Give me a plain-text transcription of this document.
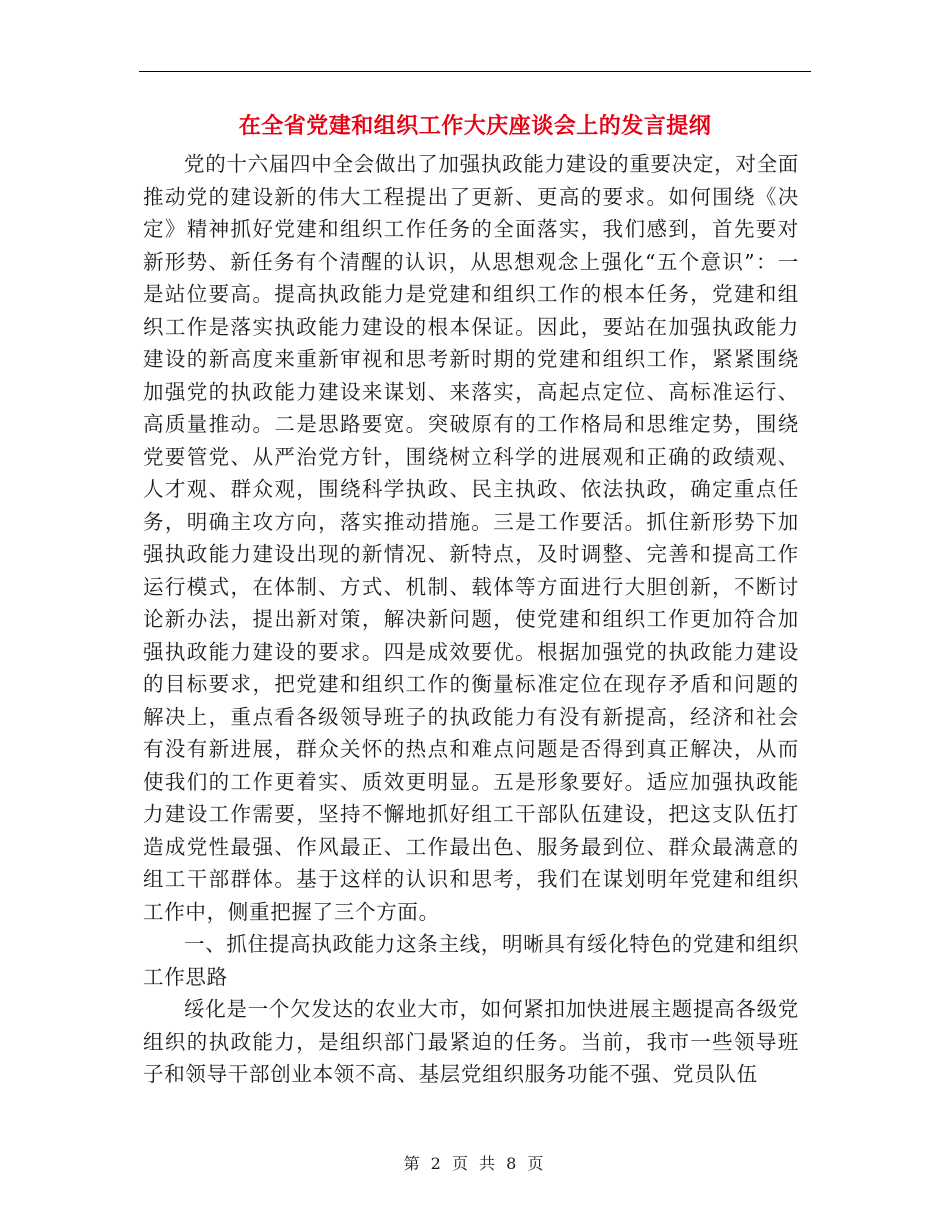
在全省党建和组织工作大庆座谈会上的发言提纲

党的十六届四中全会做出了加强执政能力建设的重要决定，对全面推动党的建设新的伟大工程提出了更新、更高的要求。如何围绕《决定》精神抓好党建和组织工作任务的全面落实，我们感到，首先要对新形势、新任务有个清醒的认识，从思想观念上强化“五个意识”：一是站位要高。提高执政能力是党建和组织工作的根本任务，党建和组织工作是落实执政能力建设的根本保证。因此，要站在加强执政能力建设的新高度来重新审视和思考新时期的党建和组织工作，紧紧围绕加强党的执政能力建设来谋划、来落实，高起点定位、高标准运行、高质量推动。二是思路要宽。突破原有的工作格局和思维定势，围绕党要管党、从严治党方针，围绕树立科学的进展观和正确的政绩观、人才观、群众观，围绕科学执政、民主执政、依法执政，确定重点任务，明确主攻方向，落实推动措施。三是工作要活。抓住新形势下加强执政能力建设出现的新情况、新特点，及时调整、完善和提高工作运行模式，在体制、方式、机制、载体等方面进行大胆创新，不断讨论新办法，提出新对策，解决新问题，使党建和组织工作更加符合加强执政能力建设的要求。四是成效要优。根据加强党的执政能力建设的目标要求，把党建和组织工作的衡量标准定位在现存矛盾和问题的解决上，重点看各级领导班子的执政能力有没有新提高，经济和社会有没有新进展，群众关怀的热点和难点问题是否得到真正解决，从而使我们的工作更着实、质效更明显。五是形象要好。适应加强执政能力建设工作需要，坚持不懈地抓好组工干部队伍建设，把这支队伍打造成党性最强、作风最正、工作最出色、服务最到位、群众最满意的组工干部群体。基于这样的认识和思考，我们在谋划明年党建和组织工作中，侧重把握了三个方面。

一、抓住提高执政能力这条主线，明晰具有绥化特色的党建和组织工作思路

绥化是一个欠发达的农业大市，如何紧扣加快进展主题提高各级党组织的执政能力，是组织部门最紧迫的任务。当前，我市一些领导班子和领导干部创业本领不高、基层党组织服务功能不强、党员队伍

第 2 页 共 8 页
